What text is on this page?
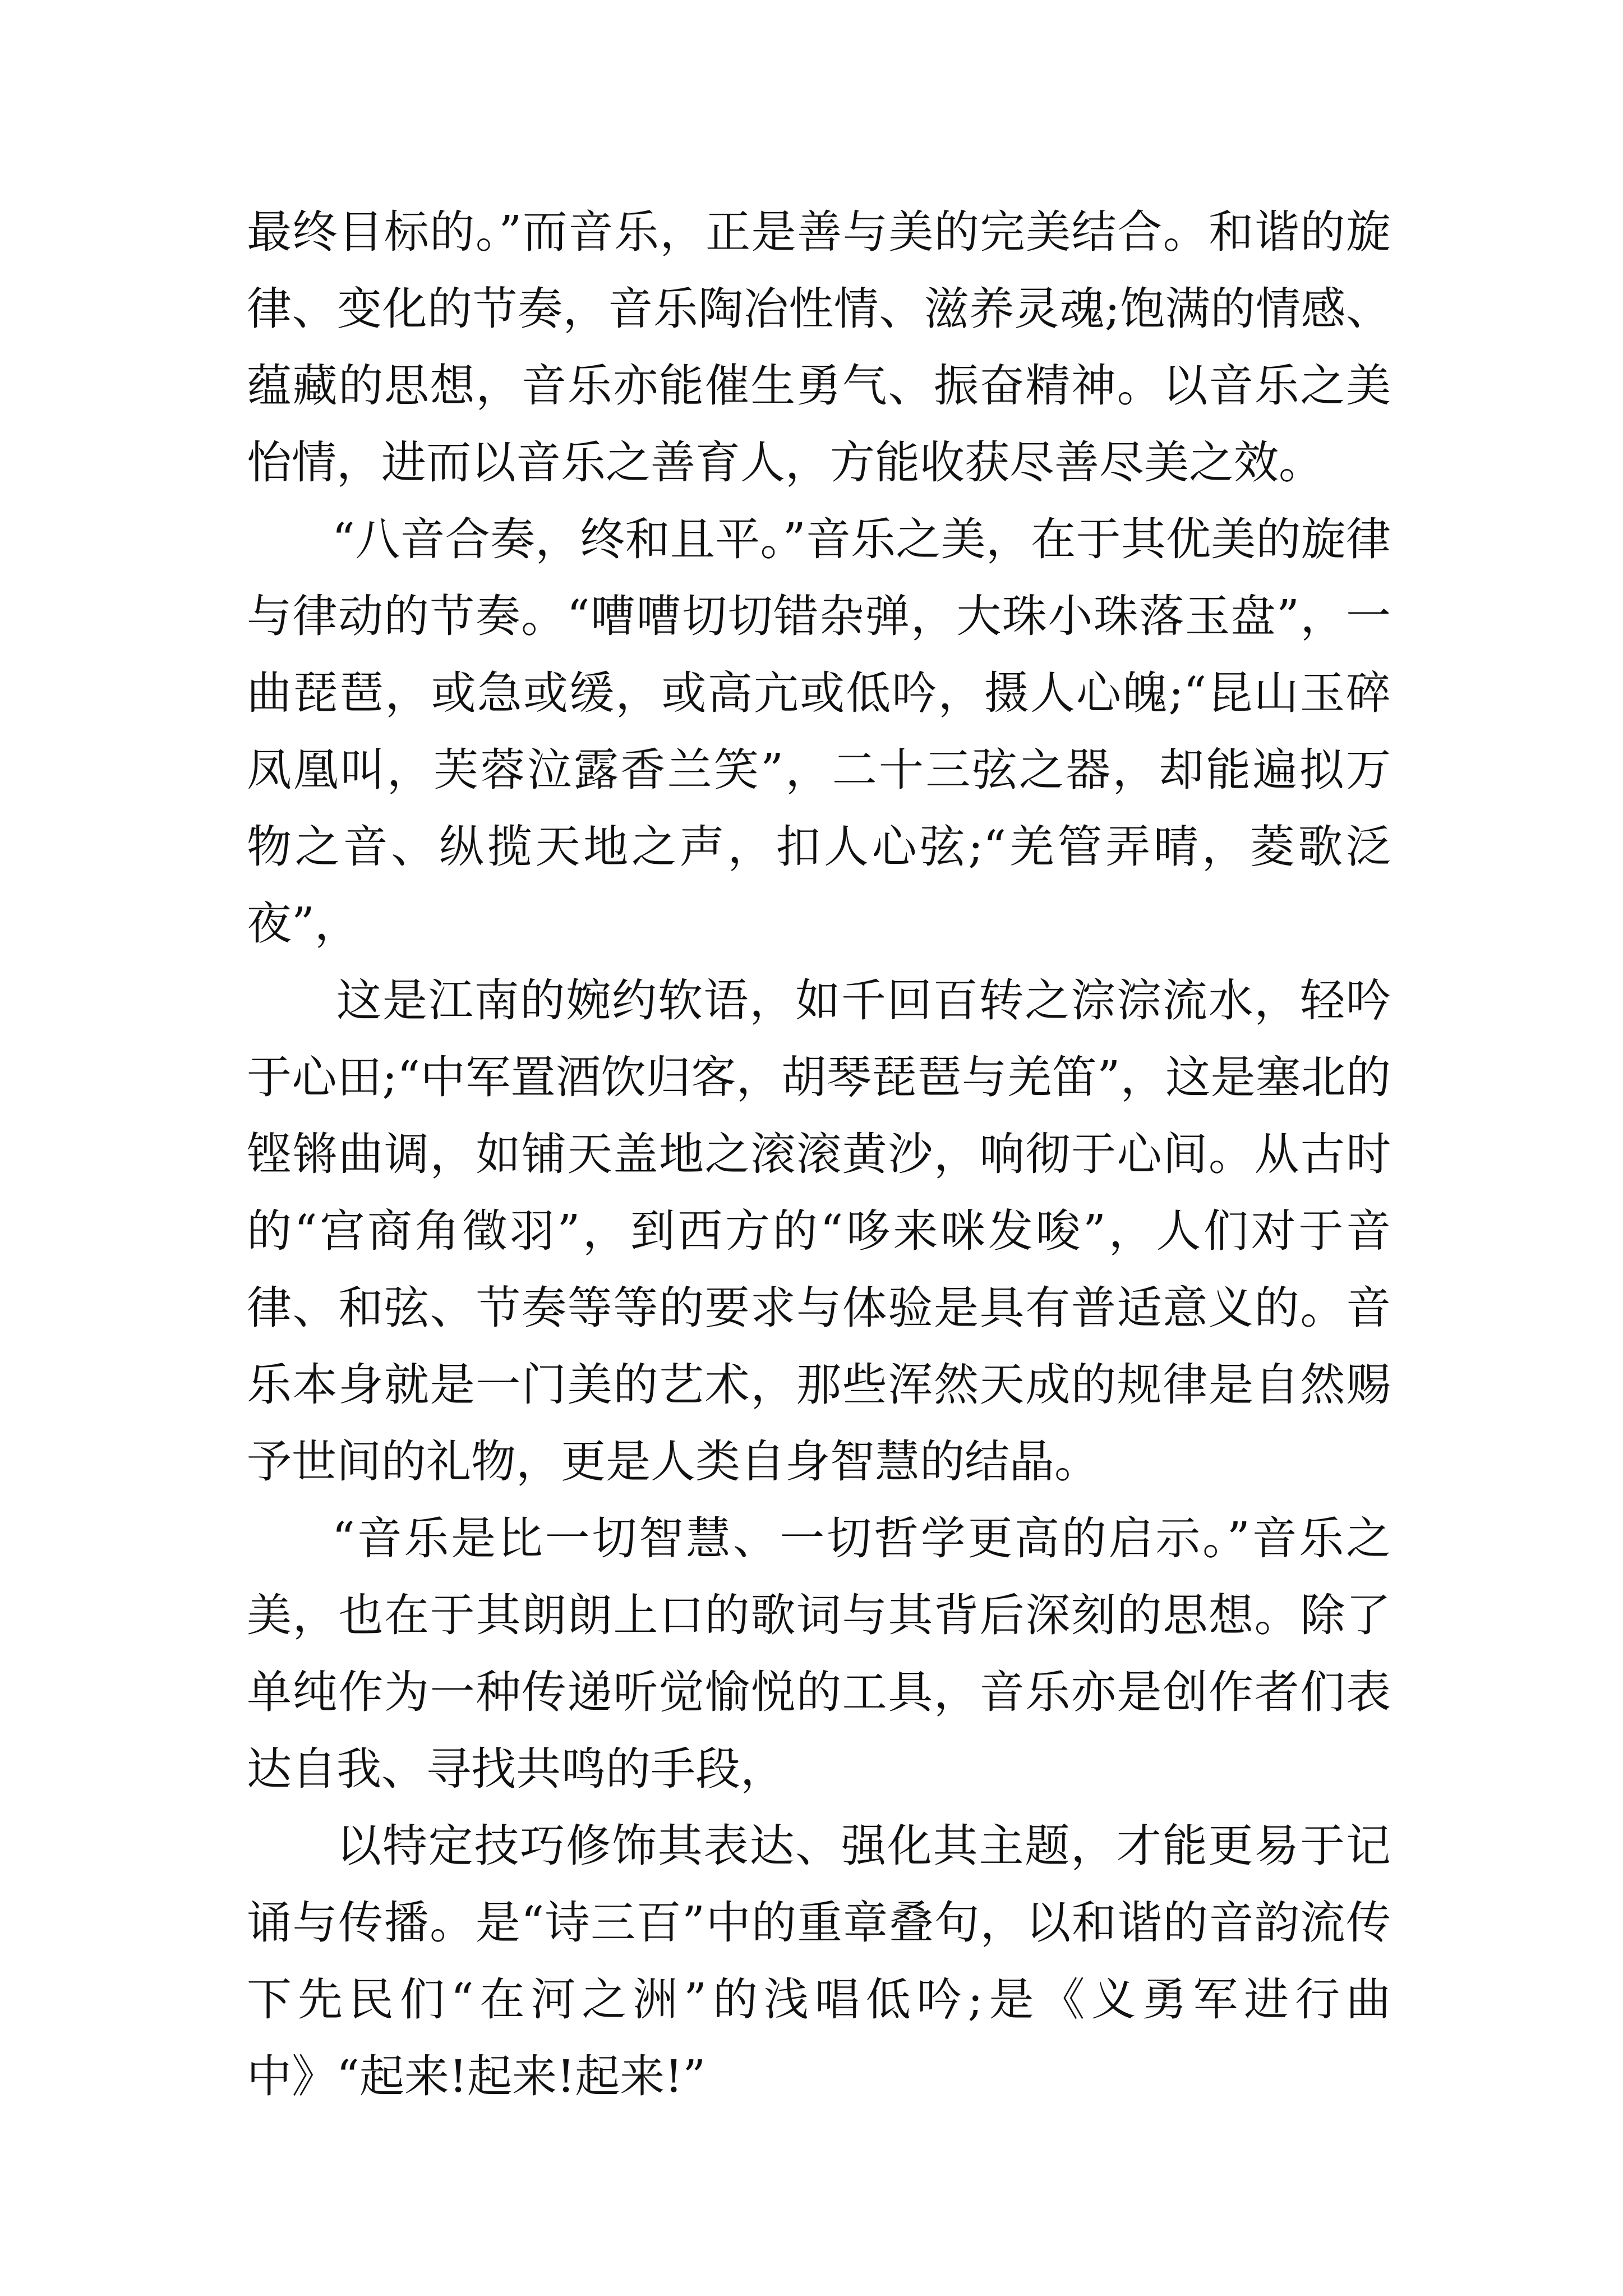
最终目标的。”而音乐，正是善与美的完美结合。和谐的旋律、变化的节奏，音乐陶冶性情、滋养灵魂;饱满的情感、蕴藏的思想，音乐亦能催生勇气、振奋精神。以音乐之美怡情，进而以音乐之善育人，方能收获尽善尽美之效。

“八音合奏，终和且平。”音乐之美，在于其优美的旋律与律动的节奏。“嘈嘈切切错杂弹，大珠小珠落玉盘”，一曲琵琶，或急或缓，或高亢或低吟，摄人心魄;“昆山玉碎凤凰叫，芙蓉泣露香兰笑”，二十三弦之器，却能遍拟万物之音、纵揽天地之声，扣人心弦;“羌管弄晴，菱歌泛夜”，

这是江南的婉约软语，如千回百转之淙淙流水，轻吟于心田;“中军置酒饮归客，胡琴琵琶与羌笛”，这是塞北的铿锵曲调，如铺天盖地之滚滚黄沙，响彻于心间。从古时的“宫商角徵羽”，到西方的“哆来咪发唆”，人们对于音律、和弦、节奏等等的要求与体验是具有普适意义的。音乐本身就是一门美的艺术，那些浑然天成的规律是自然赐予世间的礼物，更是人类自身智慧的结晶。

“音乐是比一切智慧、一切哲学更高的启示。”音乐之美，也在于其朗朗上口的歌词与其背后深刻的思想。除了单纯作为一种传递听觉愉悦的工具，音乐亦是创作者们表达自我、寻找共鸣的手段，

以特定技巧修饰其表达、强化其主题，才能更易于记诵与传播。是“诗三百”中的重章叠句，以和谐的音韵流传下先民们“在河之洲”的浅唱低吟;是《义勇军进行曲中》“起来!起来!起来!”
